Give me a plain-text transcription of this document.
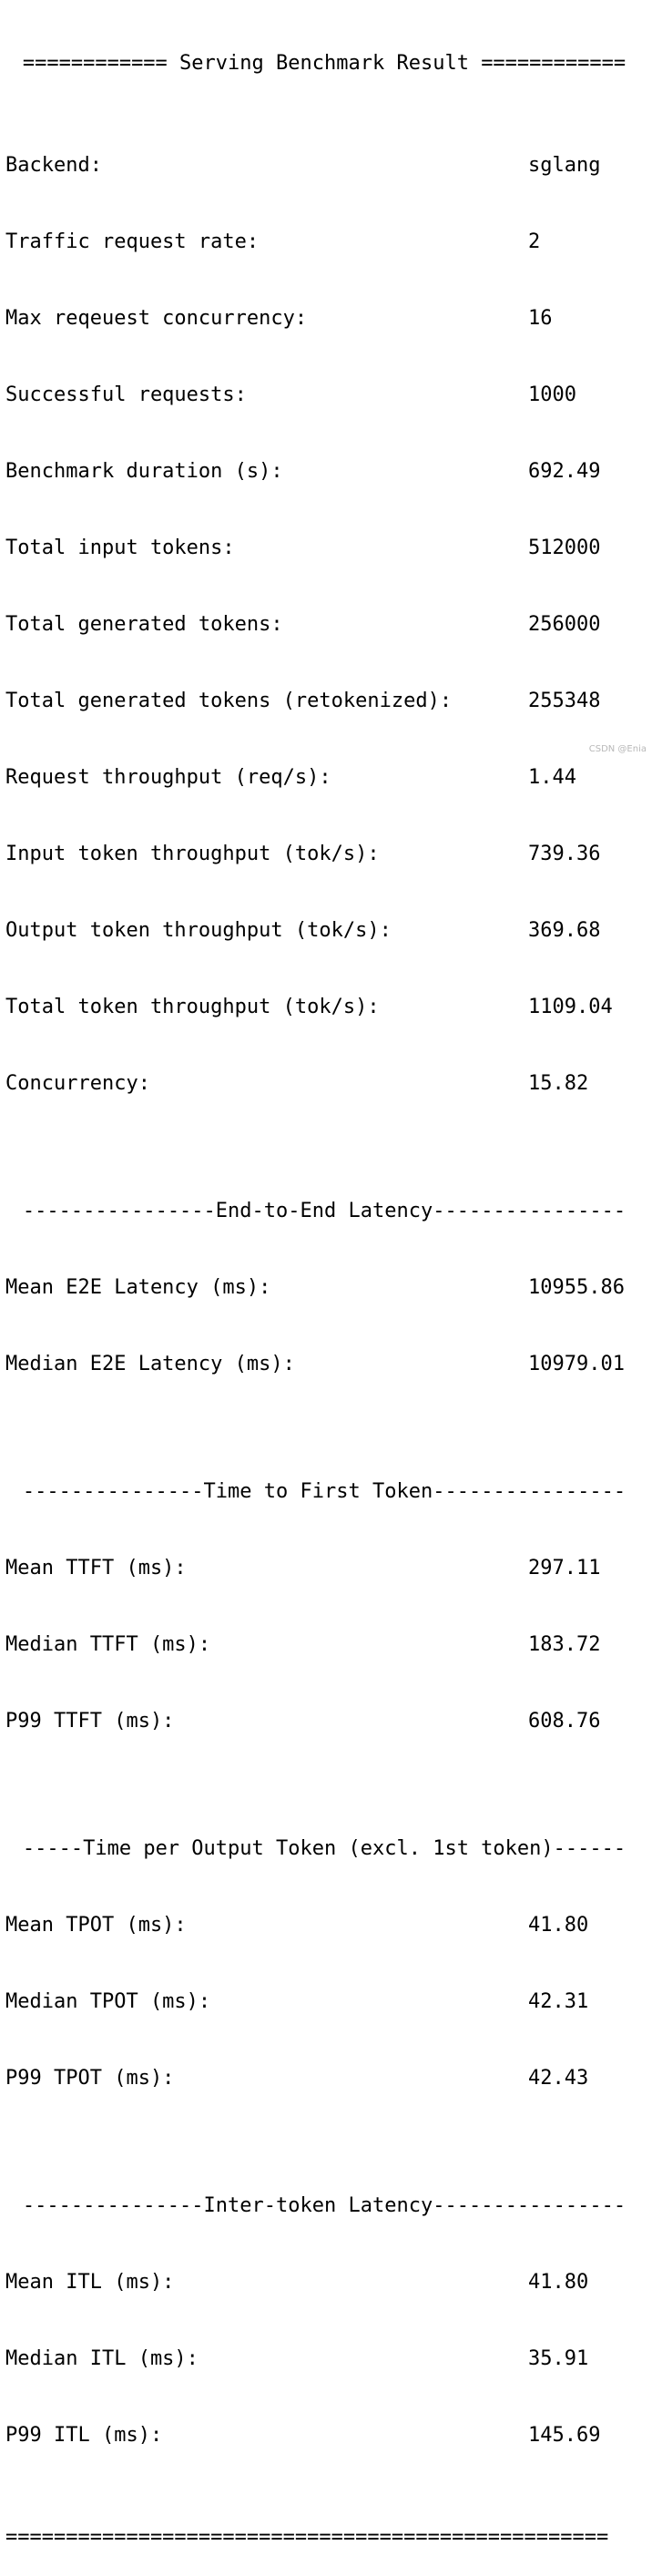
============ Serving Benchmark Result ============

Backend:	sglang

Traffic request rate:	2

Max reqeuest concurrency:	16

Successful requests:	1000

Benchmark duration (s):	692.49

Total input tokens:	512000

Total generated tokens:	256000

Total generated tokens (retokenized):	255348

Request throughput (req/s):	1.44

Input token throughput (tok/s):	739.36

Output token throughput (tok/s):	369.68

Total token throughput (tok/s):	1109.04

Concurrency:	15.82

---------------- End-to-End Latency ----------------

Mean E2E Latency (ms):	10955.86

Median E2E Latency (ms):	10979.01

--------------- Time to First Token ----------------

Mean TTFT (ms):	297.11

Median TTFT (ms):	183.72

P99 TTFT (ms):	608.76

----- Time per Output Token (excl. 1st token) ------

Mean TPOT (ms):	41.80

Median TPOT (ms):	42.31

P99 TPOT (ms):	42.43

--------------- Inter-token Latency ----------------

Mean ITL (ms):	41.80

Median ITL (ms):	35.91

P99 ITL (ms):	145.69

==================================================

CSDN @Enia
